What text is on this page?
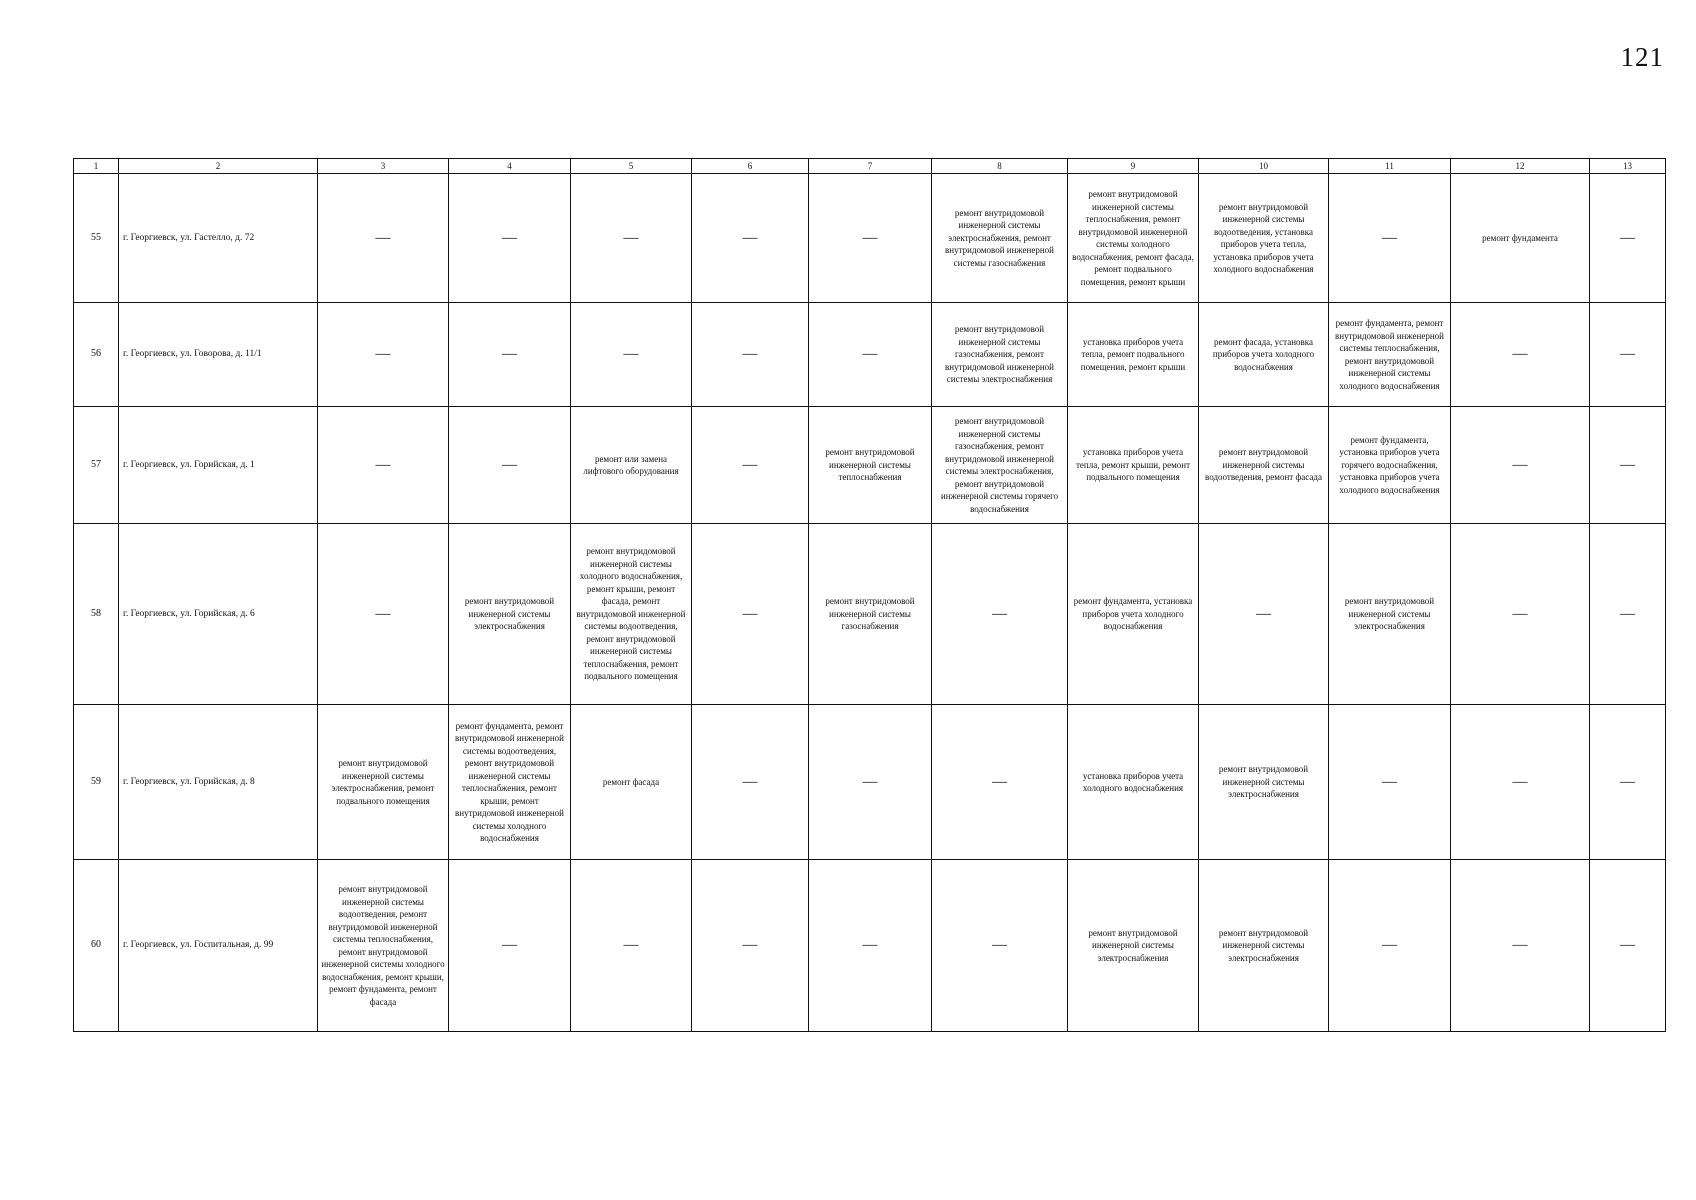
121
1	2	3	4	5	6	7	8	9	10	11	12	13
55	г. Георгиевск, ул. Гастелло, д. 72	—	—	—	—	—	ремонт внутридомовой инженерной системы электроснабжения, ремонт внутридомовой инженерной системы газоснабжения	ремонт внутридомовой инженерной системы теплоснабжения, ремонт внутридомовой инженерной системы холодного водоснабжения, ремонт фасада, ремонт подвального помещения, ремонт крыши	ремонт внутридомовой инженерной системы водоотведения, установка приборов учета тепла, установка приборов учета холодного водоснабжения	—	ремонт фундамента	—
56	г. Георгиевск, ул. Говорова, д. 11/1	—	—	—	—	—	ремонт внутридомовой инженерной системы газоснабжения, ремонт внутридомовой инженерной системы электроснабжения	установка приборов учета тепла, ремонт подвального помещения, ремонт крыши	ремонт фасада, установка приборов учета холодного водоснабжения	ремонт фундамента, ремонт внутридомовой инженерной системы теплоснабжения, ремонт внутридомовой инженерной системы холодного водоснабжения	—	—
57	г. Георгиевск, ул. Горийская, д. 1	—	—	ремонт или замена лифтового оборудования	—	ремонт внутридомовой инженерной системы теплоснабжения	ремонт внутридомовой инженерной системы газоснабжения, ремонт внутридомовой инженерной системы электроснабжения, ремонт внутридомовой инженерной системы горячего водоснабжения	установка приборов учета тепла, ремонт крыши, ремонт подвального помещения	ремонт внутридомовой инженерной системы водоотведения, ремонт фасада	ремонт фундамента, установка приборов учета горячего водоснабжения, установка приборов учета холодного водоснабжения	—	—
58	г. Георгиевск, ул. Горийская, д. 6	—	ремонт внутридомовой инженерной системы электроснабжения	ремонт внутридомовой инженерной системы холодного водоснабжения, ремонт крыши, ремонт фасада, ремонт внутридомовой инженерной системы водоотведения, ремонт внутридомовой инженерной системы теплоснабжения, ремонт подвального помещения	—	ремонт внутридомовой инженерной системы газоснабжения	—	ремонт фундамента, установка приборов учета холодного водоснабжения	—	ремонт внутридомовой инженерной системы электроснабжения	—	—
59	г. Георгиевск, ул. Горийская, д. 8	ремонт внутридомовой инженерной системы электроснабжения, ремонт подвального помещения	ремонт фундамента, ремонт внутридомовой инженерной системы водоотведения, ремонт внутридомовой инженерной системы теплоснабжения, ремонт крыши, ремонт внутридомовой инженерной системы холодного водоснабжения	ремонт фасада	—	—	—	установка приборов учета холодного водоснабжения	ремонт внутридомовой инженерной системы электроснабжения	—	—	—
60	г. Георгиевск, ул. Госпитальная, д. 99	ремонт внутридомовой инженерной системы водоотведения, ремонт внутридомовой инженерной системы теплоснабжения, ремонт внутридомовой инженерной системы холодного водоснабжения, ремонт крыши, ремонт фундамента, ремонт фасада	—	—	—	—	—	ремонт внутридомовой инженерной системы электроснабжения	ремонт внутридомовой инженерной системы электроснабжения	—	—	—
